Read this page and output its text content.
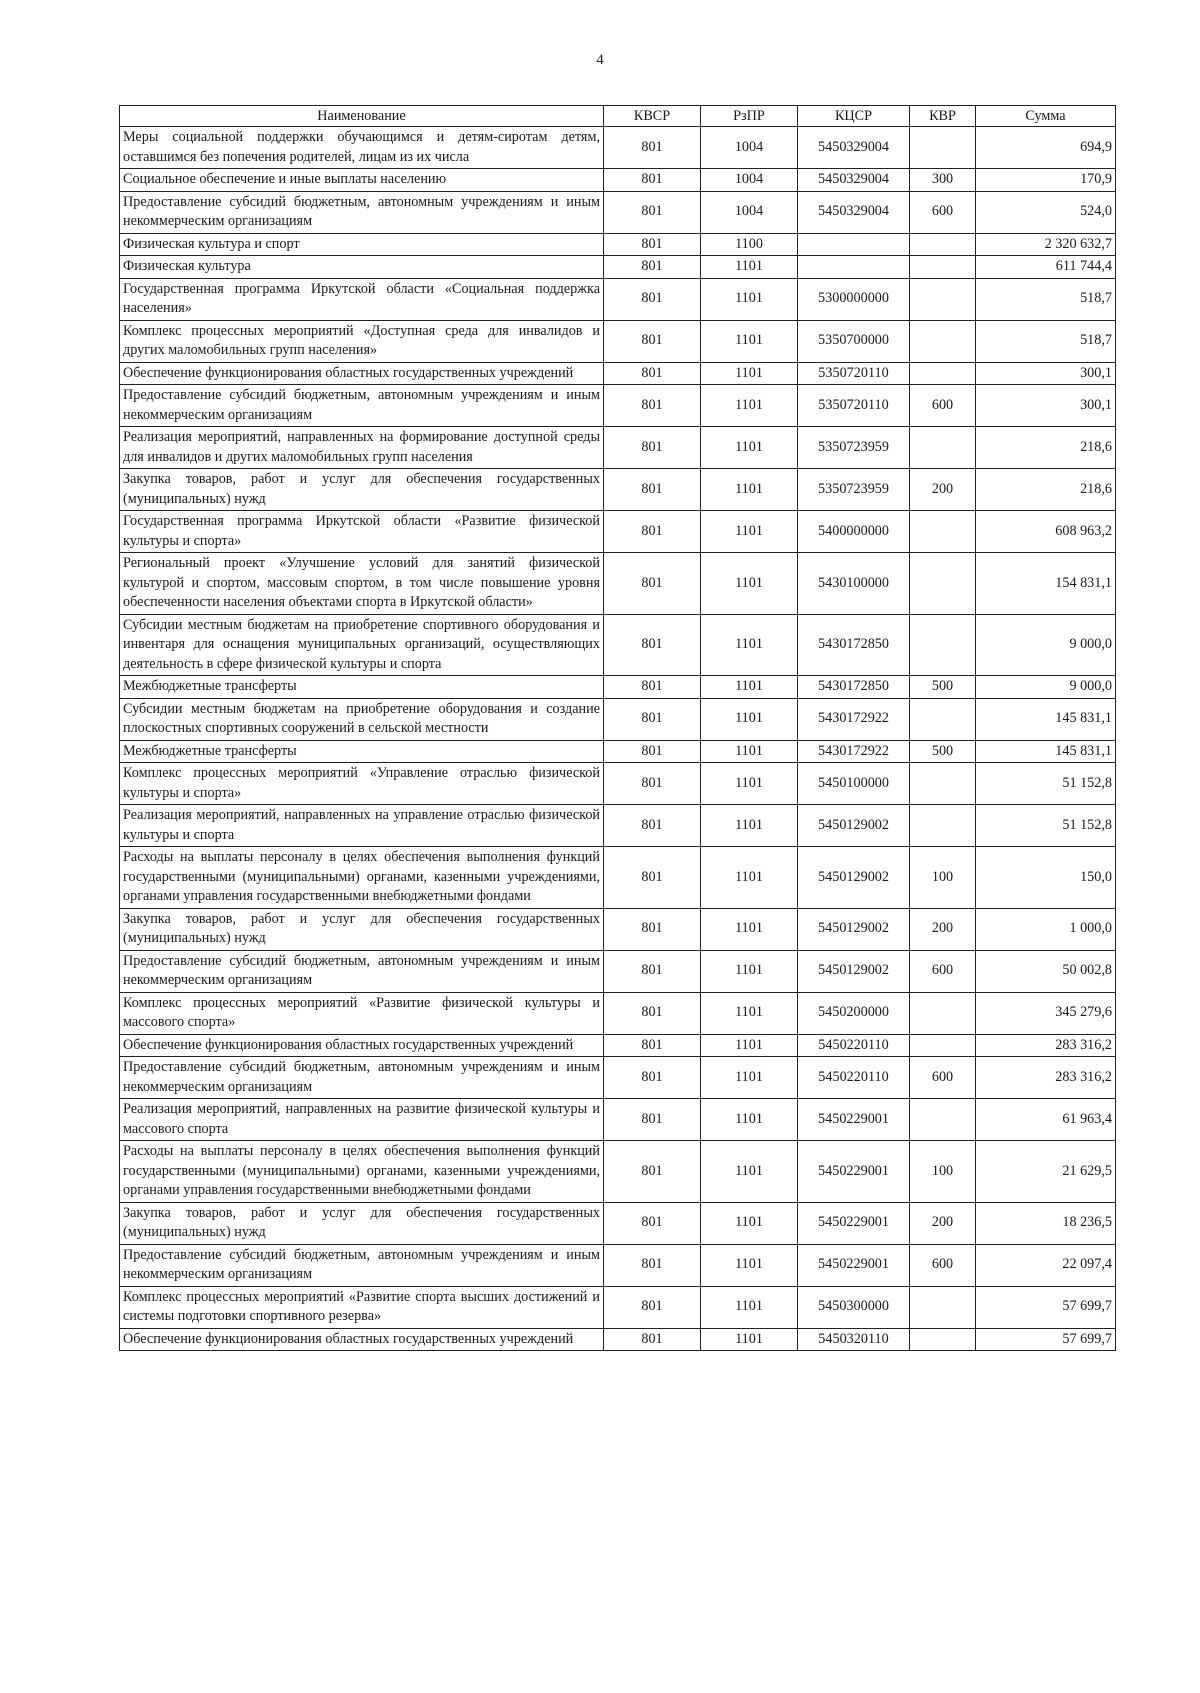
4
Наименование	КВСР	РзПР	КЦСР	КВР	Сумма
Меры социальной поддержки обучающимся и детям-сиротам детям, оставшимся без попечения родителей, лицам из их числа	801	1004	5450329004		694,9
Социальное обеспечение и иные выплаты населению	801	1004	5450329004	300	170,9
Предоставление субсидий бюджетным, автономным учреждениям и иным некоммерческим организациям	801	1004	5450329004	600	524,0
Физическая культура и спорт	801	1100			2 320 632,7
Физическая культура	801	1101			611 744,4
Государственная программа Иркутской области «Социальная поддержка населения»	801	1101	5300000000		518,7
Комплекс процессных мероприятий «Доступная среда для инвалидов и других маломобильных групп населения»	801	1101	5350700000		518,7
Обеспечение функционирования областных государственных учреждений	801	1101	5350720110		300,1
Предоставление субсидий бюджетным, автономным учреждениям и иным некоммерческим организациям	801	1101	5350720110	600	300,1
Реализация мероприятий, направленных на формирование доступной среды для инвалидов и других маломобильных групп населения	801	1101	5350723959		218,6
Закупка товаров, работ и услуг для обеспечения государственных (муниципальных) нужд	801	1101	5350723959	200	218,6
Государственная программа Иркутской области «Развитие физической культуры и спорта»	801	1101	5400000000		608 963,2
Региональный проект «Улучшение условий для занятий физической культурой и спортом, массовым спортом, в том числе повышение уровня обеспеченности населения объектами спорта в Иркутской области»	801	1101	5430100000		154 831,1
Субсидии местным бюджетам на приобретение спортивного оборудования и инвентаря для оснащения муниципальных организаций, осуществляющих деятельность в сфере физической культуры и спорта	801	1101	5430172850		9 000,0
Межбюджетные трансферты	801	1101	5430172850	500	9 000,0
Субсидии местным бюджетам на приобретение оборудования и создание плоскостных спортивных сооружений в сельской местности	801	1101	5430172922		145 831,1
Межбюджетные трансферты	801	1101	5430172922	500	145 831,1
Комплекс процессных мероприятий «Управление отраслью физической культуры и спорта»	801	1101	5450100000		51 152,8
Реализация мероприятий, направленных на управление отраслью физической культуры и спорта	801	1101	5450129002		51 152,8
Расходы на выплаты персоналу в целях обеспечения выполнения функций государственными (муниципальными) органами, казенными учреждениями, органами управления государственными внебюджетными фондами	801	1101	5450129002	100	150,0
Закупка товаров, работ и услуг для обеспечения государственных (муниципальных) нужд	801	1101	5450129002	200	1 000,0
Предоставление субсидий бюджетным, автономным учреждениям и иным некоммерческим организациям	801	1101	5450129002	600	50 002,8
Комплекс процессных мероприятий «Развитие физической культуры и массового спорта»	801	1101	5450200000		345 279,6
Обеспечение функционирования областных государственных учреждений	801	1101	5450220110		283 316,2
Предоставление субсидий бюджетным, автономным учреждениям и иным некоммерческим организациям	801	1101	5450220110	600	283 316,2
Реализация мероприятий, направленных на развитие физической культуры и массового спорта	801	1101	5450229001		61 963,4
Расходы на выплаты персоналу в целях обеспечения выполнения функций государственными (муниципальными) органами, казенными учреждениями, органами управления государственными внебюджетными фондами	801	1101	5450229001	100	21 629,5
Закупка товаров, работ и услуг для обеспечения государственных (муниципальных) нужд	801	1101	5450229001	200	18 236,5
Предоставление субсидий бюджетным, автономным учреждениям и иным некоммерческим организациям	801	1101	5450229001	600	22 097,4
Комплекс процессных мероприятий «Развитие спорта высших достижений и системы подготовки спортивного резерва»	801	1101	5450300000		57 699,7
Обеспечение функционирования областных государственных учреждений	801	1101	5450320110		57 699,7
